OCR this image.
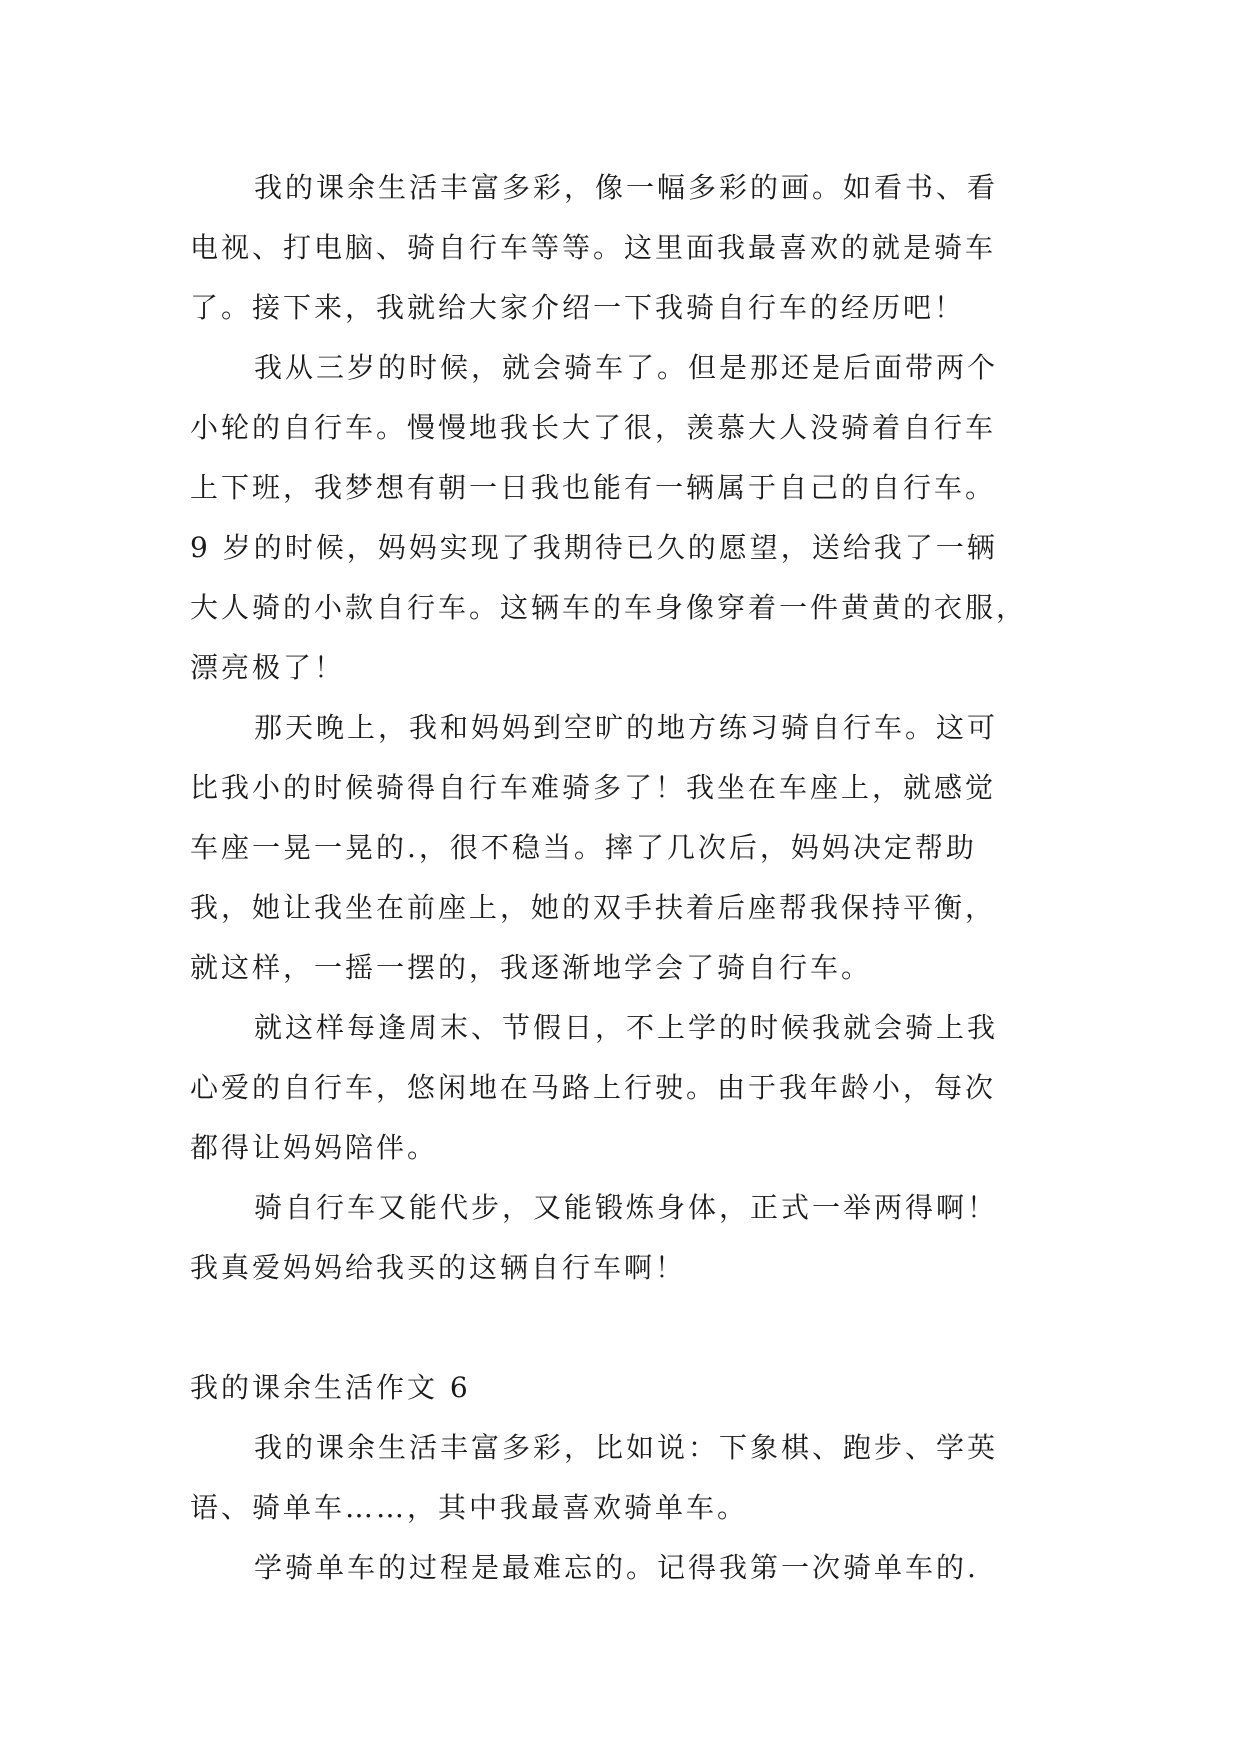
我的课余生活丰富多彩，像一幅多彩的画。如看书、看
电视、打电脑、骑自行车等等。这里面我最喜欢的就是骑车
了。接下来，我就给大家介绍一下我骑自行车的经历吧！
我从三岁的时候，就会骑车了。但是那还是后面带两个
小轮的自行车。慢慢地我长大了很，羡慕大人没骑着自行车
上下班，我梦想有朝一日我也能有一辆属于自己的自行车。
9 岁的时候，妈妈实现了我期待已久的愿望，送给我了一辆
大人骑的小款自行车。这辆车的车身像穿着一件黄黄的衣服，
漂亮极了！
那天晚上，我和妈妈到空旷的地方练习骑自行车。这可
比我小的时候骑得自行车难骑多了！我坐在车座上，就感觉
车座一晃一晃的.，很不稳当。摔了几次后，妈妈决定帮助
我，她让我坐在前座上，她的双手扶着后座帮我保持平衡，
就这样，一摇一摆的，我逐渐地学会了骑自行车。
就这样每逢周末、节假日，不上学的时候我就会骑上我
心爱的自行车，悠闲地在马路上行驶。由于我年龄小，每次
都得让妈妈陪伴。
骑自行车又能代步，又能锻炼身体，正式一举两得啊！
我真爱妈妈给我买的这辆自行车啊！
我的课余生活作文 6
我的课余生活丰富多彩，比如说：下象棋、跑步、学英
语、骑单车……，其中我最喜欢骑单车。
学骑单车的过程是最难忘的。记得我第一次骑单车的.
